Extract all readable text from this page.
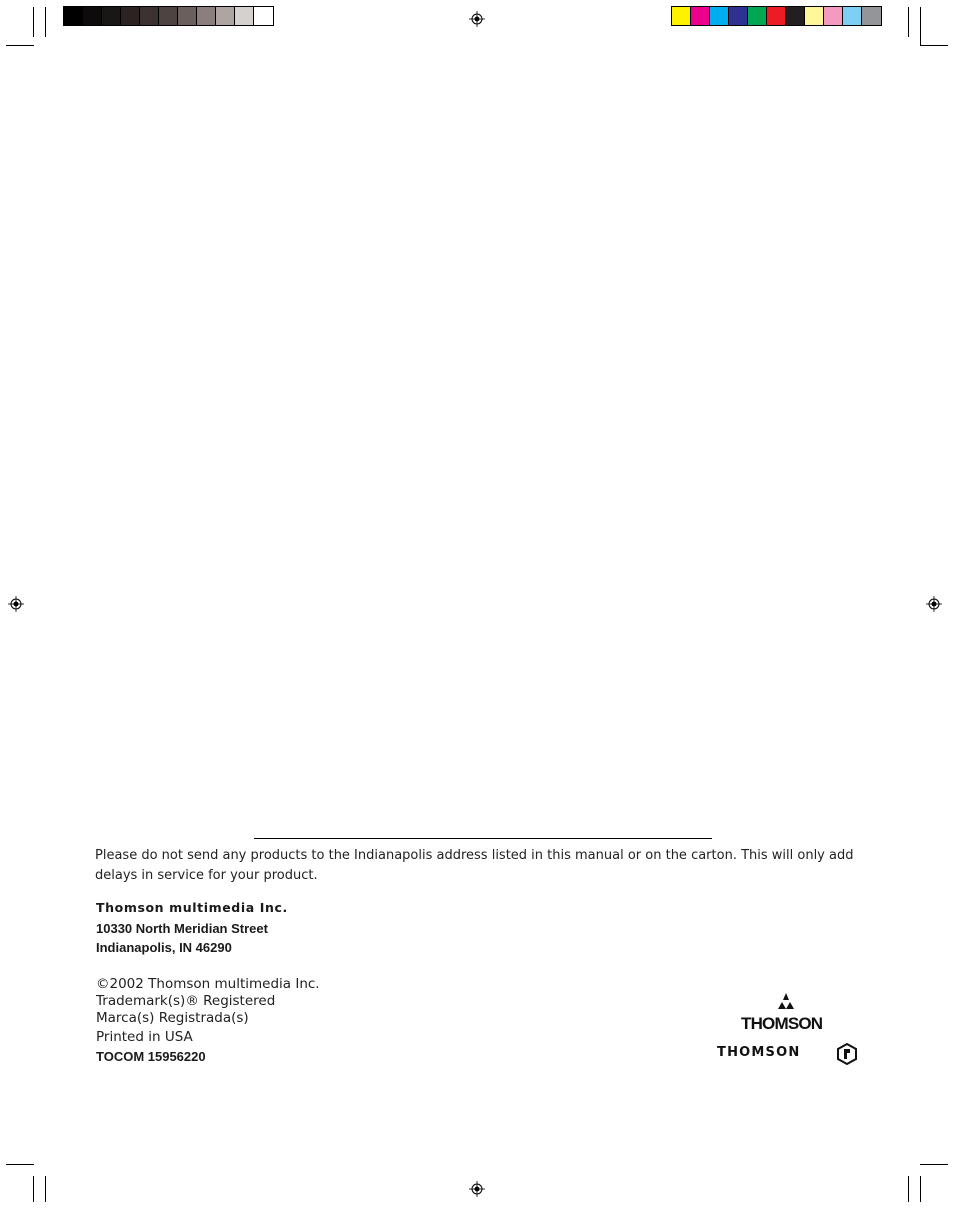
Please do not send any products to the Indianapolis address listed in this manual or on the carton. This will only add delays in service for your product.
Thomson multimedia Inc.
10330 North Meridian Street
Indianapolis, IN 46290
©2002 Thomson multimedia Inc.
Trademark(s)® Registered
Marca(s) Registrada(s)
Printed in USA
TOCOM 15956220
THOMSON
THOMSON
